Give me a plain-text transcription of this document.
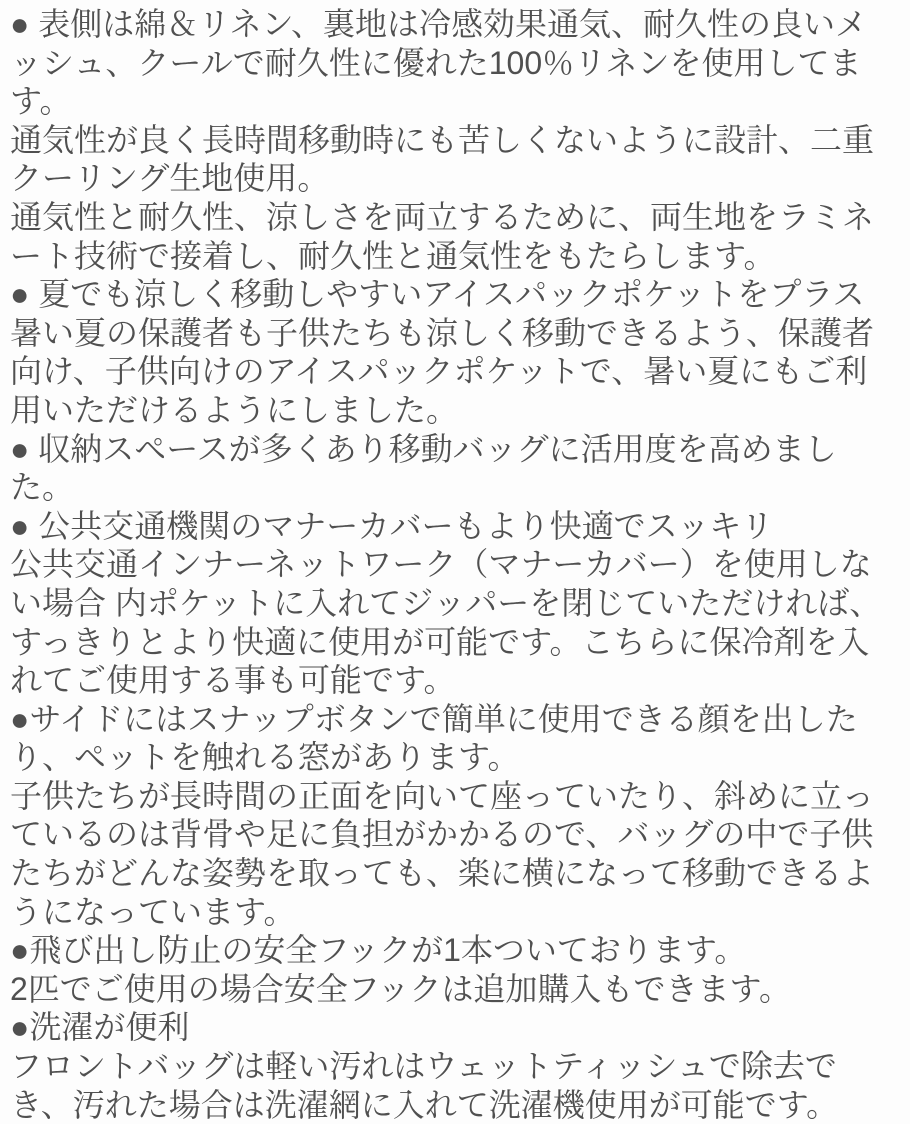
● 表側は綿＆リネン、裏地は冷感効果通気、耐久性の良いメッシュ、クールで耐久性に優れた100％リネンを使用してます。

通気性が良く長時間移動時にも苦しくないように設計、二重クーリング生地使用。

通気性と耐久性、涼しさを両立するために、両生地をラミネート技術で接着し、耐久性と通気性をもたらします。

● 夏でも涼しく移動しやすいアイスパックポケットをプラス

暑い夏の保護者も子供たちも涼しく移動できるよう、保護者向け、子供向けのアイスパックポケットで、暑い夏にもご利用いただけるようにしました。

● 収納スペースが多くあり移動バッグに活用度を高めました。

● 公共交通機関のマナーカバーもより快適でスッキリ

公共交通インナーネットワーク（マナーカバー）を使用しない場合 内ポケットに入れてジッパーを閉じていただければ、すっきりとより快適に使用が可能です。こちらに保冷剤を入れてご使用する事も可能です。

●サイドにはスナップボタンで簡単に使用できる顔を出したり、ペットを触れる窓があります。

子供たちが長時間の正面を向いて座っていたり、斜めに立っているのは背骨や足に負担がかかるので、バッグの中で子供たちがどんな姿勢を取っても、楽に横になって移動できるようになっています。

●飛び出し防止の安全フックが1本ついております。

2匹でご使用の場合安全フックは追加購入もできます。

●洗濯が便利

フロントバッグは軽い汚れはウェットティッシュで除去でき、汚れた場合は洗濯網に入れて洗濯機使用が可能です。
